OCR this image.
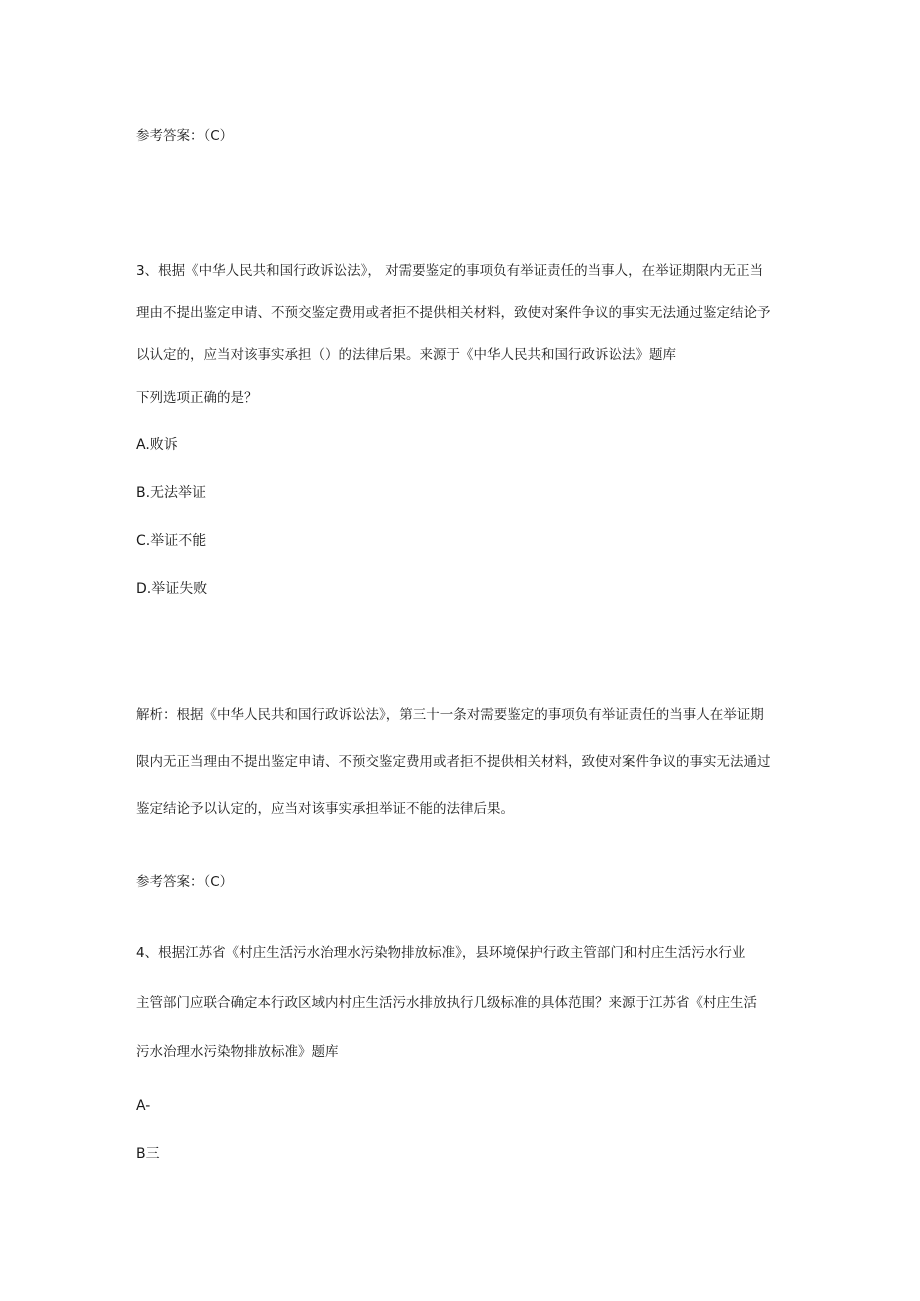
参考答案：（C）
3、根据《中华人民共和国行政诉讼法》， 对需要鉴定的事项负有举证责任的当事人，在举证期限内无正当
理由不提出鉴定申请、不预交鉴定费用或者拒不提供相关材料，致使对案件争议的事实无法通过鉴定结论予
以认定的，应当对该事实承担（）的法律后果。来源于《中华人民共和国行政诉讼法》题库
下列选项正确的是？
A.败诉
B.无法举证
C.举证不能
D.举证失败
解析：根据《中华人民共和国行政诉讼法》，第三十一条对需要鉴定的事项负有举证责任的当事人在举证期
限内无正当理由不提出鉴定申请、不预交鉴定费用或者拒不提供相关材料，致使对案件争议的事实无法通过
鉴定结论予以认定的，应当对该事实承担举证不能的法律后果。
参考答案：（C）
4、根据江苏省《村庄生活污水治理水污染物排放标准》，县环境保护行政主管部门和村庄生活污水行业
主管部门应联合确定本行政区域内村庄生活污水排放执行几级标准的具体范围？来源于江苏省《村庄生活
污水治理水污染物排放标准》题库
A-
B三
